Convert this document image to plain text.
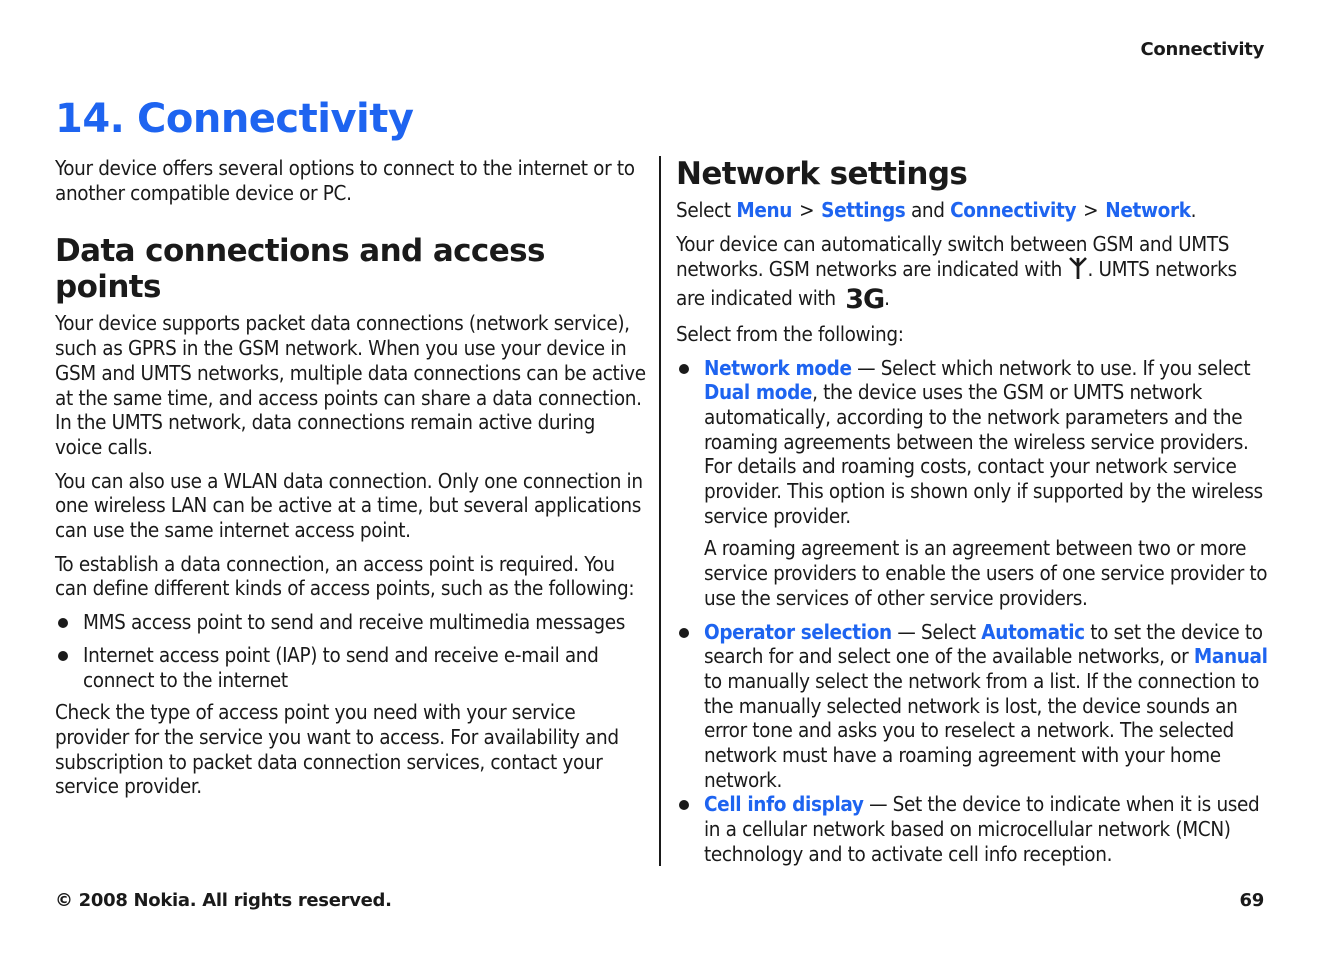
Connectivity
14. Connectivity

Your device offers several options to connect to the internet or to another compatible device or PC.

Data connections and access points

Your device supports packet data connections (network service), such as GPRS in the GSM network. When you use your device in GSM and UMTS networks, multiple data connections can be active at the same time, and access points can share a data connection. In the UMTS network, data connections remain active during voice calls.

You can also use a WLAN data connection. Only one connection in one wireless LAN can be active at a time, but several applications can use the same internet access point.

To establish a data connection, an access point is required. You can define different kinds of access points, such as the following:

MMS access point to send and receive multimedia messages
Internet access point (IAP) to send and receive e-mail and connect to the internet

Check the type of access point you need with your service provider for the service you want to access. For availability and subscription to packet data connection services, contact your service provider.

Network settings

Select Menu > Settings and Connectivity > Network.

Your device can automatically switch between GSM and UMTS networks. GSM networks are indicated with . UMTS networks are indicated with 3G.

Select from the following:

Network mode — Select which network to use. If you select Dual mode, the device uses the GSM or UMTS network automatically, according to the network parameters and the roaming agreements between the wireless service providers. For details and roaming costs, contact your network service provider. This option is shown only if supported by the wireless service provider.

A roaming agreement is an agreement between two or more service providers to enable the users of one service provider to use the services of other service providers.

Operator selection — Select Automatic to set the device to search for and select one of the available networks, or Manual to manually select the network from a list. If the connection to the manually selected network is lost, the device sounds an error tone and asks you to reselect a network. The selected network must have a roaming agreement with your home network.
Cell info display — Set the device to indicate when it is used in a cellular network based on microcellular network (MCN) technology and to activate cell info reception.
© 2008 Nokia. All rights reserved.	69
